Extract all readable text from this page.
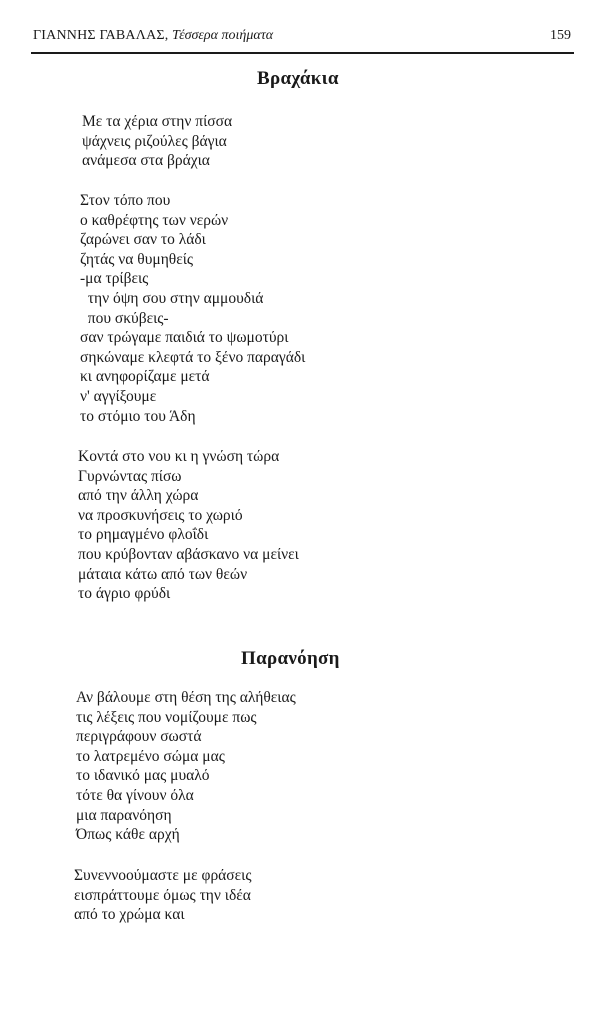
ΓΙΑΝΝΗΣ ΓΑΒΑΛΑΣ, Τέσσερα ποιήματα	159
Βραχάκια
Με τα χέρια στην πίσσα
ψάχνεις ριζούλες βάγια
ανάμεσα στα βράχια
Στον τόπο που
ο καθρέφτης των νερών
ζαρώνει σαν το λάδι
ζητάς να θυμηθείς
-μα τρίβεις
την όψη σου στην αμμουδιά
που σκύβεις-
σαν τρώγαμε παιδιά το ψωμοτύρι
σηκώναμε κλεφτά το ξένο παραγάδι
κι ανηφορίζαμε μετά
ν' αγγίξουμε
το στόμιο του Άδη
Κοντά στο νου κι η γνώση τώρα
Γυρνώντας πίσω
από την άλλη χώρα
να προσκυνήσεις το χωριό
το ρημαγμένο φλοΐδι
που κρύβονταν αβάσκανο να μείνει
μάταια κάτω από των θεών
το άγριο φρύδι
Παρανόηση
Αν βάλουμε στη θέση της αλήθειας
τις λέξεις που νομίζουμε πως
περιγράφουν σωστά
το λατρεμένο σώμα μας
το ιδανικό μας μυαλό
τότε θα γίνουν όλα
μια παρανόηση
Όπως κάθε αρχή
Συνεννοούμαστε με φράσεις
εισπράττουμε όμως την ιδέα
από το χρώμα και
